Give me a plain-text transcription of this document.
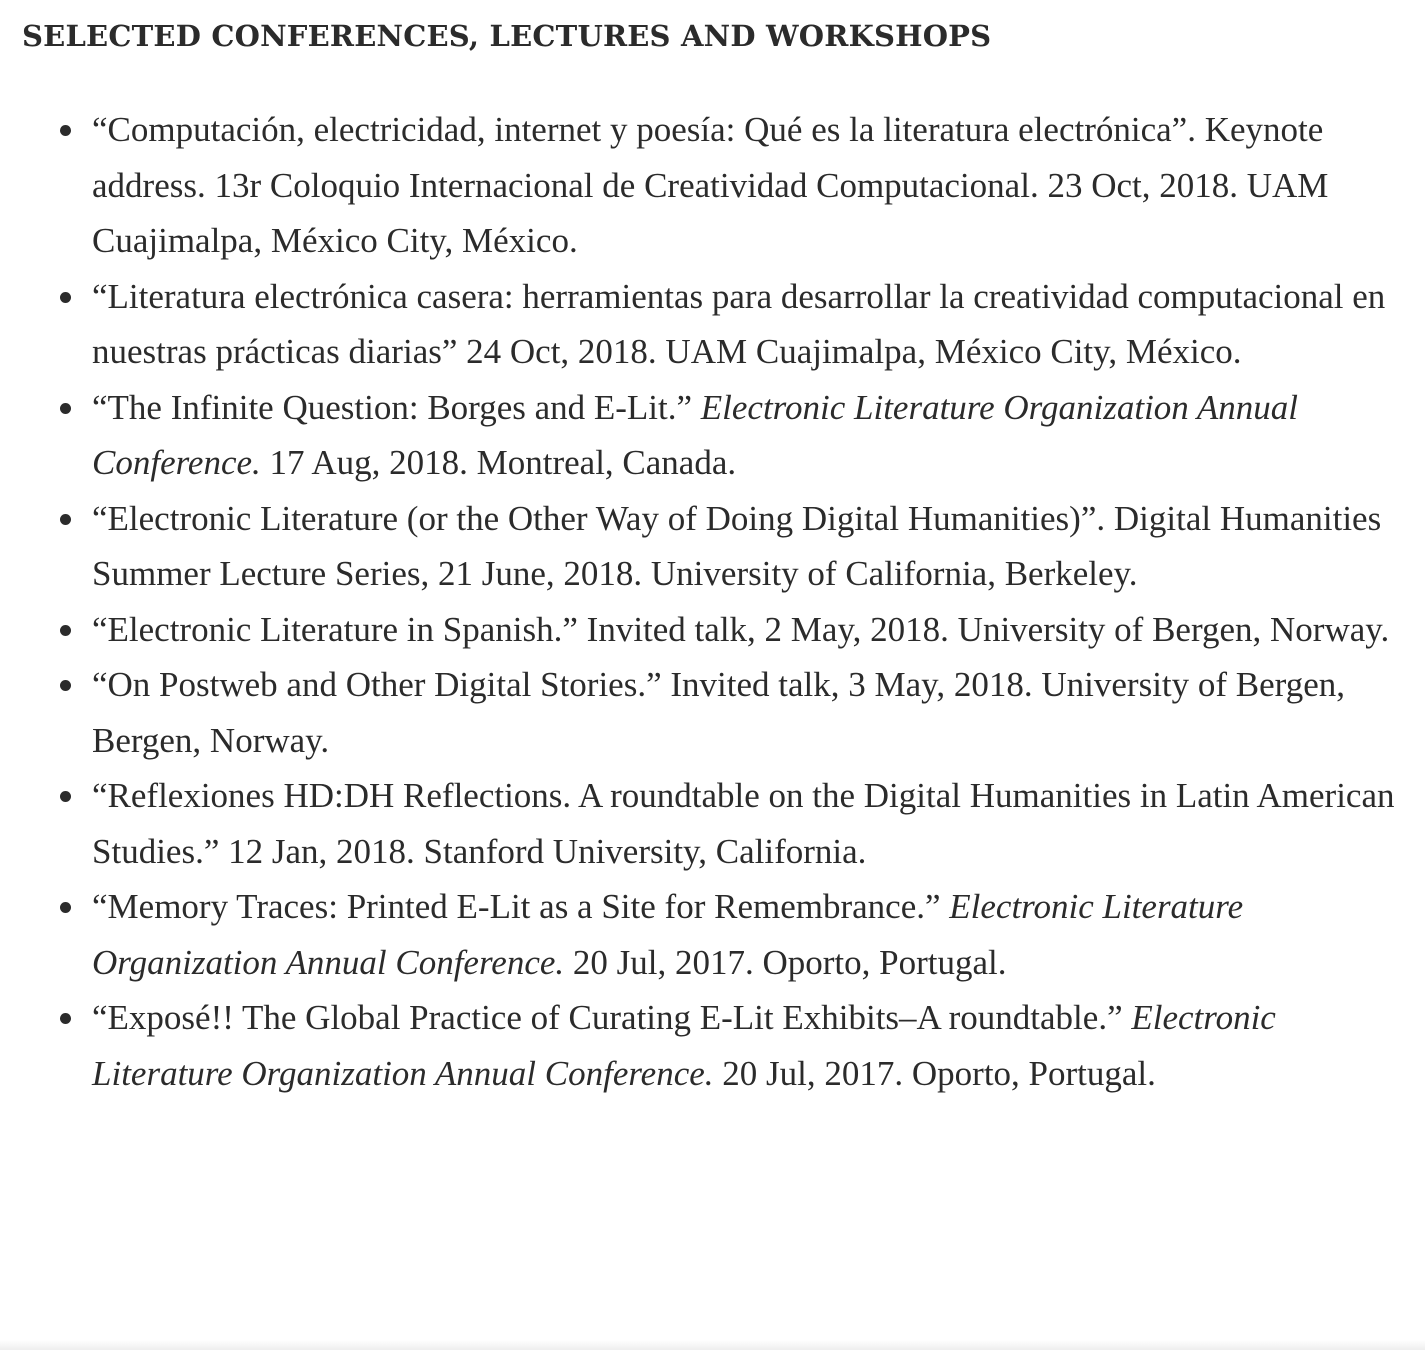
SELECTED CONFERENCES, LECTURES AND WORKSHOPS
“Computación, electricidad, internet y poesía: Qué es la literatura electrónica”. Keynote address. 13r Coloquio Internacional de Creatividad Computacional. 23 Oct, 2018. UAM Cuajimalpa, México City, México.
“Literatura electrónica casera: herramientas para desarrollar la creatividad computacional en nuestras prácticas diarias” 24 Oct, 2018. UAM Cuajimalpa, México City, México.
“The Infinite Question: Borges and E-Lit.” Electronic Literature Organization Annual Conference. 17 Aug, 2018. Montreal, Canada.
“Electronic Literature (or the Other Way of Doing Digital Humanities)”. Digital Humanities Summer Lecture Series, 21 June, 2018. University of California, Berkeley.
“Electronic Literature in Spanish.” Invited talk, 2 May, 2018. University of Bergen, Norway.
“On Postweb and Other Digital Stories.” Invited talk, 3 May, 2018. University of Bergen, Bergen, Norway.
“Reflexiones HD:DH Reflections. A roundtable on the Digital Humanities in Latin American Studies.” 12 Jan, 2018. Stanford University, California.
“Memory Traces: Printed E-Lit as a Site for Remembrance.” Electronic Literature Organization Annual Conference. 20 Jul, 2017. Oporto, Portugal.
“Exposé!! The Global Practice of Curating E-Lit Exhibits–A roundtable.” Electronic Literature Organization Annual Conference. 20 Jul, 2017. Oporto, Portugal.
